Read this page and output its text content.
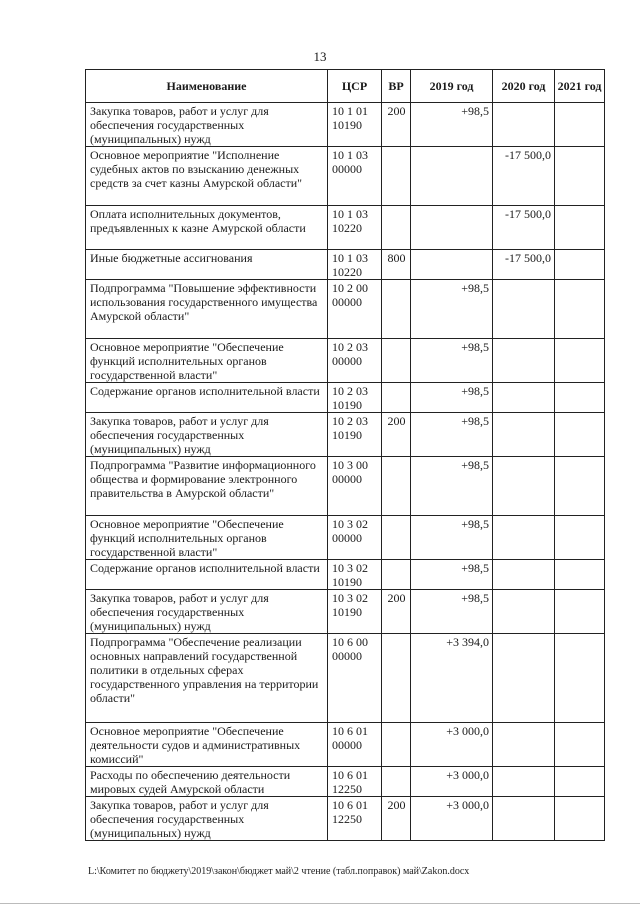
13
Наименование	ЦСР	ВР	2019 год	2020 год	2021 год
Закупка товаров, работ и услуг для обеспечения государственных (муниципальных) нужд	10 1 01 10190	200	+98,5		
Основное мероприятие "Исполнение судебных актов по взысканию денежных средств за счет казны Амурской области"	10 1 03 00000			-17 500,0	
Оплата исполнительных документов, предъявленных к казне Амурской области	10 1 03 10220			-17 500,0	
Иные бюджетные ассигнования	10 1 03 10220	800		-17 500,0	
Подпрограмма "Повышение эффективности использования государственного имущества Амурской области"	10 2 00 00000		+98,5		
Основное мероприятие "Обеспечение функций исполнительных органов государственной власти"	10 2 03 00000		+98,5		
Содержание органов исполнительной власти	10 2 03 10190		+98,5		
Закупка товаров, работ и услуг для обеспечения государственных (муниципальных) нужд	10 2 03 10190	200	+98,5		
Подпрограмма "Развитие информационного общества и формирование электронного правительства в Амурской области"	10 3 00 00000		+98,5		
Основное мероприятие "Обеспечение функций исполнительных органов государственной власти"	10 3 02 00000		+98,5		
Содержание органов исполнительной власти	10 3 02 10190		+98,5		
Закупка товаров, работ и услуг для обеспечения государственных (муниципальных) нужд	10 3 02 10190	200	+98,5		
Подпрограмма "Обеспечение реализации основных направлений государственной политики в отдельных сферах государственного управления на территории области"	10 6 00 00000		+3 394,0		
Основное мероприятие "Обеспечение деятельности судов и административных комиссий"	10 6 01 00000		+3 000,0		
Расходы по обеспечению деятельности мировых судей Амурской области	10 6 01 12250		+3 000,0		
Закупка товаров, работ и услуг для обеспечения государственных (муниципальных) нужд	10 6 01 12250	200	+3 000,0		
L:\Комитет по бюджету\2019\закон\бюджет май\2 чтение (табл.поправок) май\Zakon.docx
